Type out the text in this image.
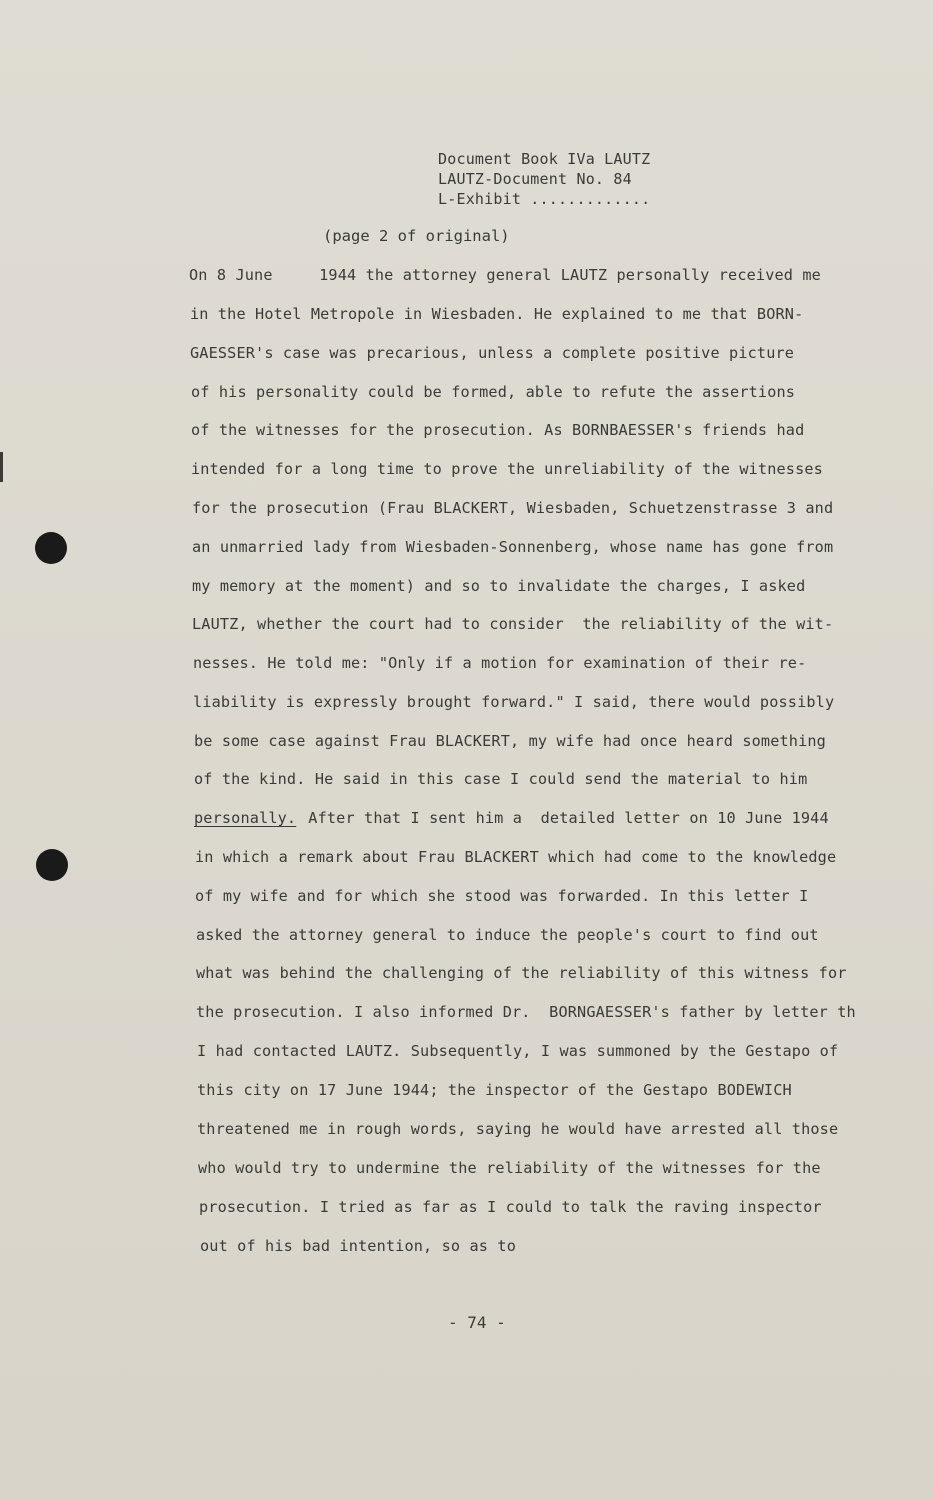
Document Book IVa LAUTZ
LAUTZ-Document No. 84
L-Exhibit .............
(page 2 of original)
On 8 June     1944 the attorney general LAUTZ personally received me
in the Hotel Metropole in Wiesbaden. He explained to me that BORN-
GAESSER's case was precarious, unless a complete positive picture
of his personality could be formed, able to refute the assertions
of the witnesses for the prosecution. As BORNBAESSER's friends had
intended for a long time to prove the unreliability of the witnesses
for the prosecution (Frau BLACKERT, Wiesbaden, Schuetzenstrasse 3 and
an unmarried lady from Wiesbaden-Sonnenberg, whose name has gone from
my memory at the moment) and so to invalidate the charges, I asked
LAUTZ, whether the court had to consider  the reliability of the wit-
nesses. He told me: "Only if a motion for examination of their re-
liability is expressly brought forward." I said, there would possibly
be some case against Frau BLACKERT, my wife had once heard something
of the kind. He said in this case I could send the material to him
personally. After that I sent him a  detailed letter on 10 June 1944
in which a remark about Frau BLACKERT which had come to the knowledge
of my wife and for which she stood was forwarded. In this letter I
asked the attorney general to induce the people's court to find out
what was behind the challenging of the reliability of this witness for
the prosecution. I also informed Dr.  BORNGAESSER's father by letter th
I had contacted LAUTZ. Subsequently, I was summoned by the Gestapo of
this city on 17 June 1944; the inspector of the Gestapo BODEWICH
threatened me in rough words, saying he would have arrested all those
who would try to undermine the reliability of the witnesses for the
prosecution. I tried as far as I could to talk the raving inspector
out of his bad intention, so as to
- 74 -
